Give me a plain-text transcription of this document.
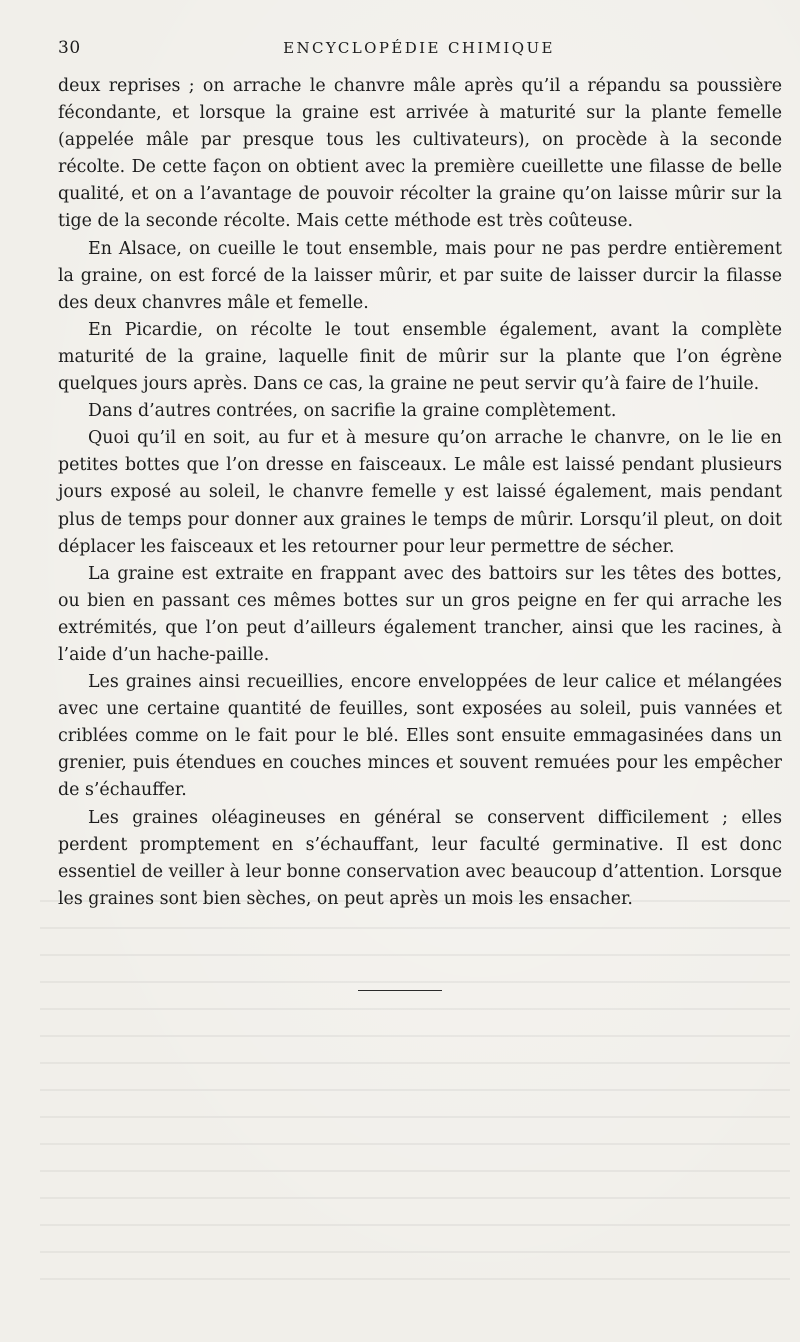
30	ENCYCLOPÉDIE CHIMIQUE

deux reprises ; on arrache le chanvre mâle après qu’il a répandu sa poussière fécondante, et lorsque la graine est arrivée à maturité sur la plante femelle (appelée mâle par presque tous les cultivateurs), on procède à la seconde récolte. De cette façon on obtient avec la première cueillette une filasse de belle qualité, et on a l’avantage de pouvoir récolter la graine qu’on laisse mûrir sur la tige de la seconde récolte. Mais cette méthode est très coûteuse.

En Alsace, on cueille le tout ensemble, mais pour ne pas perdre entièrement la graine, on est forcé de la laisser mûrir, et par suite de laisser durcir la filasse des deux chanvres mâle et femelle.

En Picardie, on récolte le tout ensemble également, avant la complète maturité de la graine, laquelle finit de mûrir sur la plante que l’on égrène quelques jours après. Dans ce cas, la graine ne peut servir qu’à faire de l’huile.

Dans d’autres contrées, on sacrifie la graine complètement.

Quoi qu’il en soit, au fur et à mesure qu’on arrache le chanvre, on le lie en petites bottes que l’on dresse en faisceaux. Le mâle est laissé pendant plusieurs jours exposé au soleil, le chanvre femelle y est laissé également, mais pendant plus de temps pour donner aux graines le temps de mûrir. Lorsqu’il pleut, on doit déplacer les faisceaux et les retourner pour leur permettre de sécher.

La graine est extraite en frappant avec des battoirs sur les têtes des bottes, ou bien en passant ces mêmes bottes sur un gros peigne en fer qui arrache les extrémités, que l’on peut d’ailleurs également trancher, ainsi que les racines, à l’aide d’un hache-paille.

Les graines ainsi recueillies, encore enveloppées de leur calice et mélangées avec une certaine quantité de feuilles, sont exposées au soleil, puis vannées et criblées comme on le fait pour le blé. Elles sont ensuite emmagasinées dans un grenier, puis étendues en couches minces et souvent remuées pour les empêcher de s’échauffer.

Les graines oléagineuses en général se conservent difficilement ; elles perdent promptement en s’échauffant, leur faculté germinative. Il est donc essentiel de veiller à leur bonne conservation avec beaucoup d’attention. Lorsque les graines sont bien sèches, on peut après un mois les ensacher.
